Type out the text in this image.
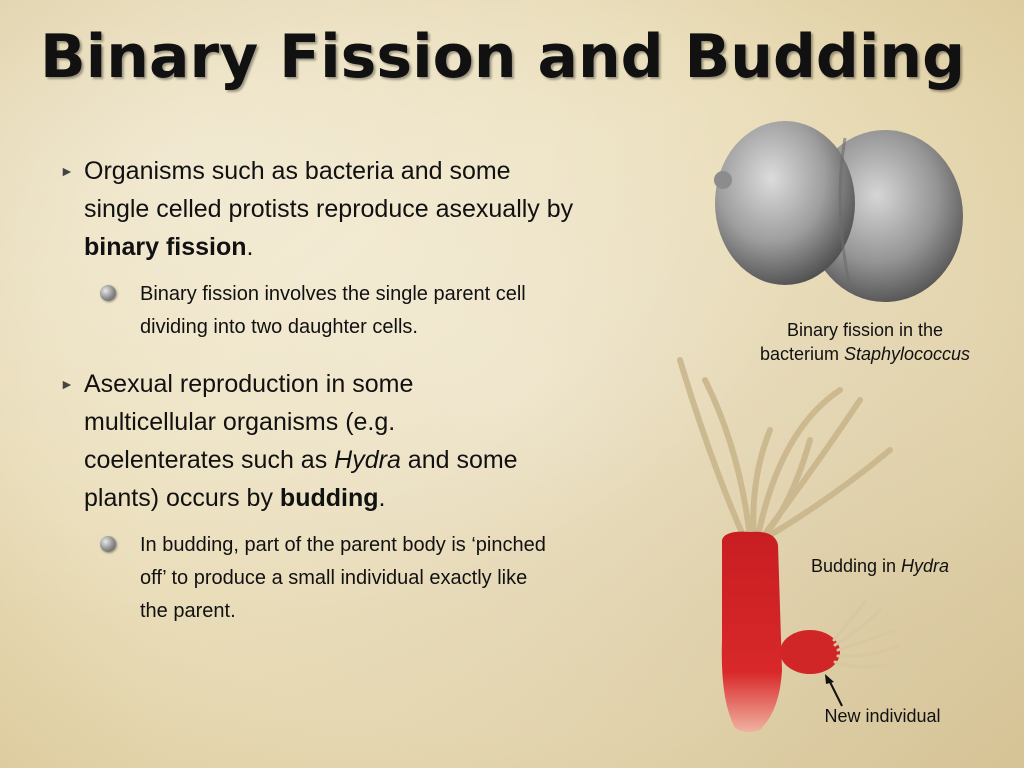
Binary Fission and Budding
► Organisms such as bacteria and some single celled protists reproduce asexually by binary fission.
Binary fission involves the single parent cell dividing into two daughter cells.
► Asexual reproduction in some multicellular organisms (e.g. coelenterates such as Hydra and some plants) occurs by budding.
In budding, part of the parent body is ‘pinched off’ to produce a small individual exactly like the parent.
Binary fission in the
bacterium Staphylococcus
Budding in Hydra
New individual
